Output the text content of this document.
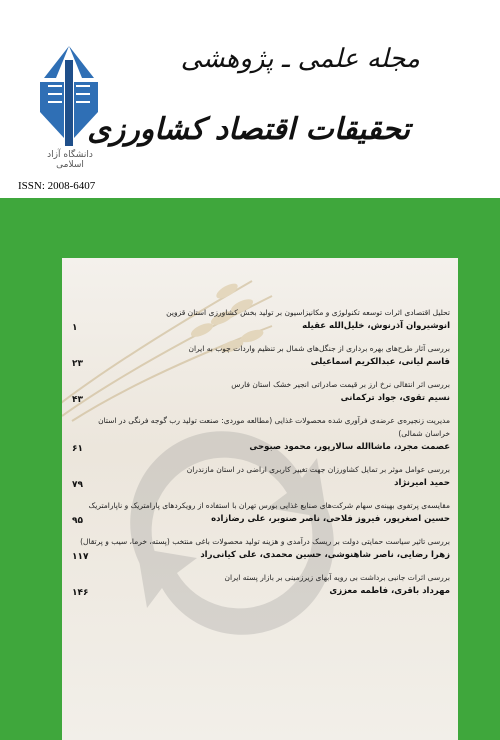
دانشگاه آزاد اسلامی
مجله علمی ـ پژوهشی
تحقیقات اقتصاد کشاورزی
ISSN: 2008-6407
تحلیل اقتصادی اثرات توسعه تکنولوژی و مکانیزاسیون بر تولید بخش کشاورزی استان قزوین
انوشیروان آذرنوش، خلیل‌الله عقیله
۱
بررسی آثار طرح‌های بهره برداری از جنگل‌های شمال بر تنظیم واردات چوب به ایران
قاسم لیانی، عبدالکریم اسماعیلی
۲۳
بررسی اثر انتقالی نرخ ارز بر قیمت صادراتی انجیر خشک استان فارس
نسیم تقوی، جواد ترکمانی
۴۳
مدیریت زنجیره‌ی عرضه‌ی فرآوری شده محصولات غذایی (مطالعه موردی: صنعت تولید رب گوجه فرنگی در استان خراسان شمالی)
عصمت مجرد، ماشاالله سالارپور، محمود صبوحی
۶۱
بررسی عوامل موثر بر تمایل کشاورزان جهت تغییر کاربری اراضی در استان مازندران
حمید امیرنژاد
۷۹
مقایسه‌ی پرتفوی بهینه‌ی سهام شرکت‌های صنایع غذایی بورس تهران با استفاده از رویکردهای پارامتریک و ناپارامتریک
حسین اصغرپور، فیروز فلاحی، ناصر صنوبر، علی رضازاده
۹۵
بررسی تاثیر سیاست حمایتی دولت بر ریسک درآمدی و هزینه تولید محصولات باغی منتخب (پسته، خرما، سیب و پرتقال)
زهرا رضایی، ناصر شاهنوشی، حسین محمدی، علی کیانی‌راد
۱۱۷
بررسی اثرات جانبی برداشت بی رویه آبهای زیرزمینی بر بازار پسته ایران
مهرداد باقری، فاطمه معززی
۱۴۶
